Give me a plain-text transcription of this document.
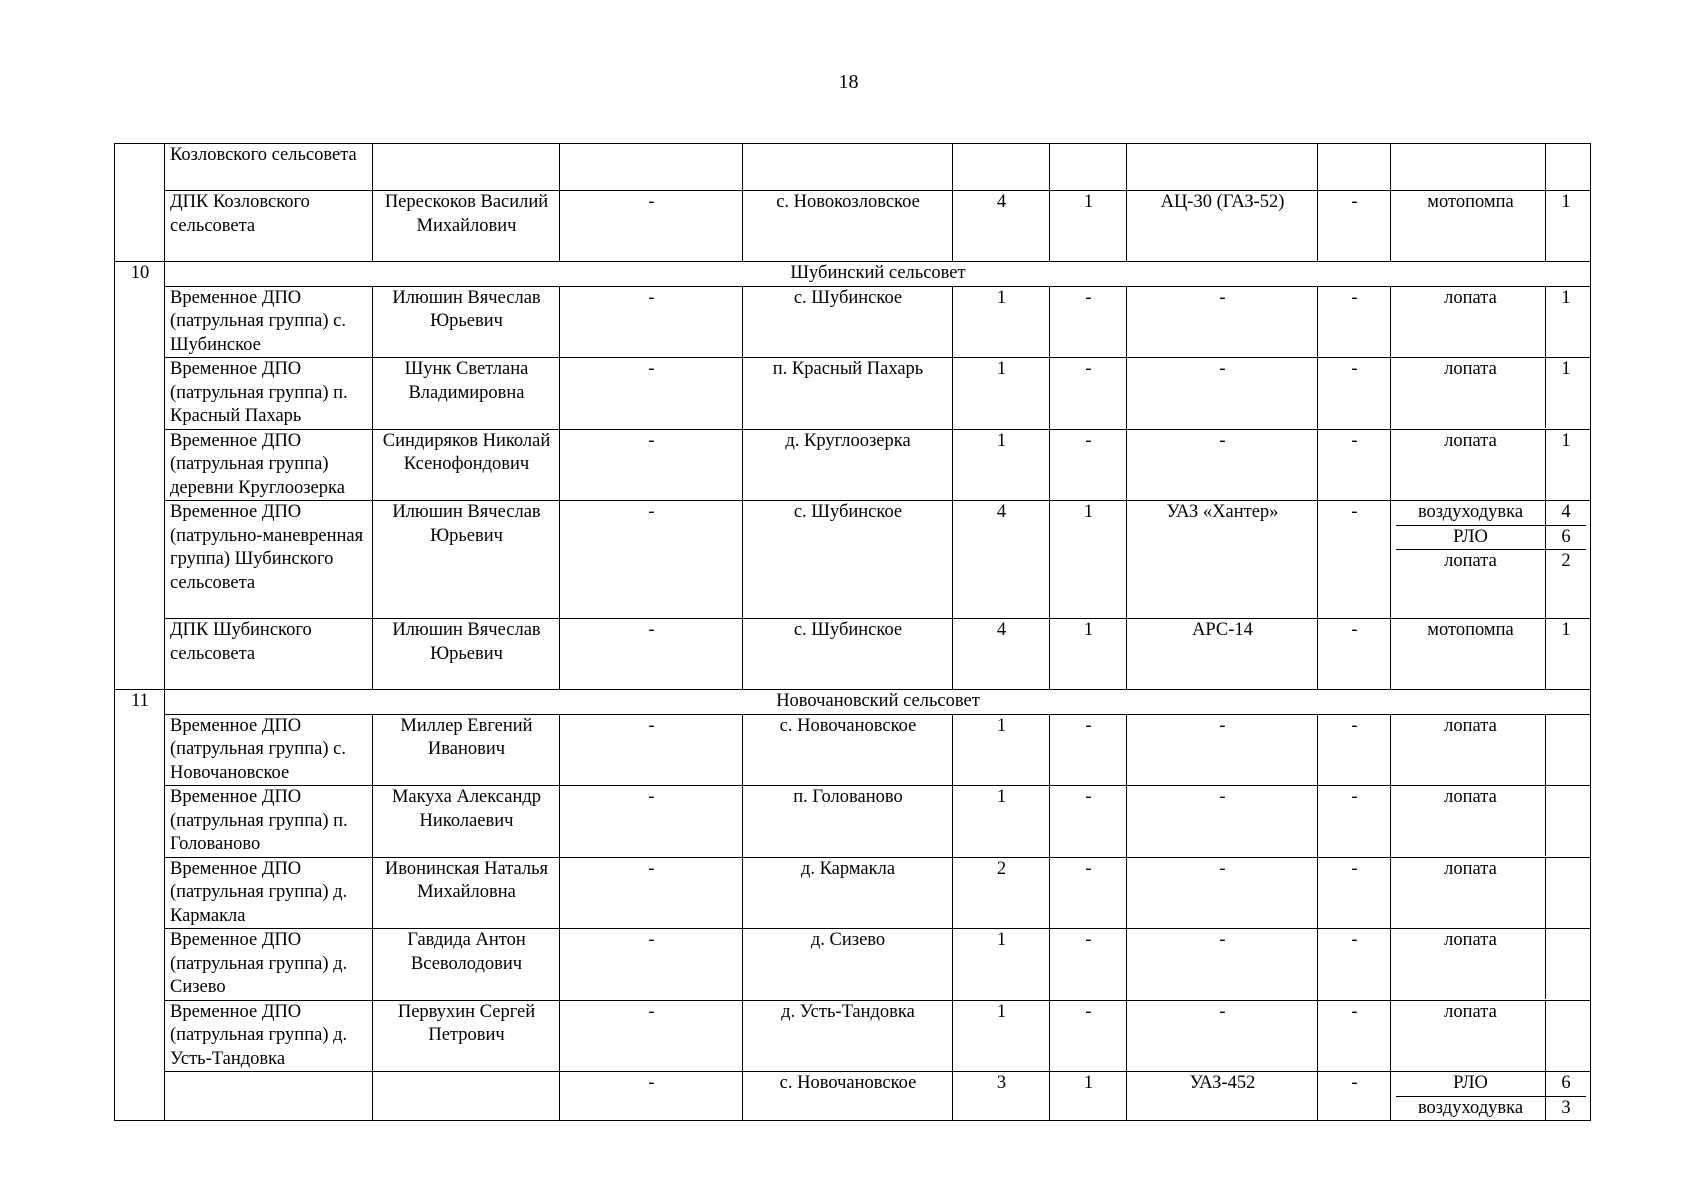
18
	Козловского сельсовета								

ДПК Козловского сельсовета	Перескоков Василий Михайлович	-	с. Новокозловское	4	1	АЦ-30 (ГАЗ-52)	-		мотопомпа	1

10	Шубинский сельсовет
Временное ДПО (патрульная группа) с. Шубинское	Илюшин Вячеслав Юрьевич	-	с. Шубинское	1	-	-	-		лопата	1

Временное ДПО (патрульная группа) п. Красный Пахарь	Шунк Светлана Владимировна	-	п. Красный Пахарь	1	-	-	-		лопата	1

Временное ДПО (патрульная группа) деревни Круглоозерка	Синдиряков Николай Ксенофондович	-	д. Круглоозерка	1	-	-	-		лопата	1

Временное ДПО (патрульно-маневренная группа) Шубинского сельсовета	Илюшин Вячеслав Юрьевич	-	с. Шубинское	4	1	УАЗ «Хантер»	-		воздуходувка	4
РЛО	6
лопата	2

ДПК Шубинского сельсовета	Илюшин Вячеслав Юрьевич	-	с. Шубинское	4	1	АРС-14	-		мотопомпа	1

11	Новочановский сельсовет
Временное ДПО (патрульная группа) с. Новочановское	Миллер Евгений Иванович	-	с. Новочановское	1	-	-	-		лопата	

Временное ДПО (патрульная группа) п. Голованово	Макуха Александр Николаевич	-	п. Голованово	1	-	-	-		лопата	

Временное ДПО (патрульная группа) д. Кармакла	Ивонинская Наталья Михайловна	-	д. Кармакла	2	-	-	-		лопата	

Временное ДПО (патрульная группа) д. Сизево	Гавдида Антон Всеволодович	-	д. Сизево	1	-	-	-		лопата	

Временное ДПО (патрульная группа) д. Усть-Тандовка	Первухин Сергей Петрович	-	д. Усть-Тандовка	1	-	-	-		лопата	

		-	с. Новочановское	3	1	УАЗ-452	-		РЛО	6
воздуходувка	3
